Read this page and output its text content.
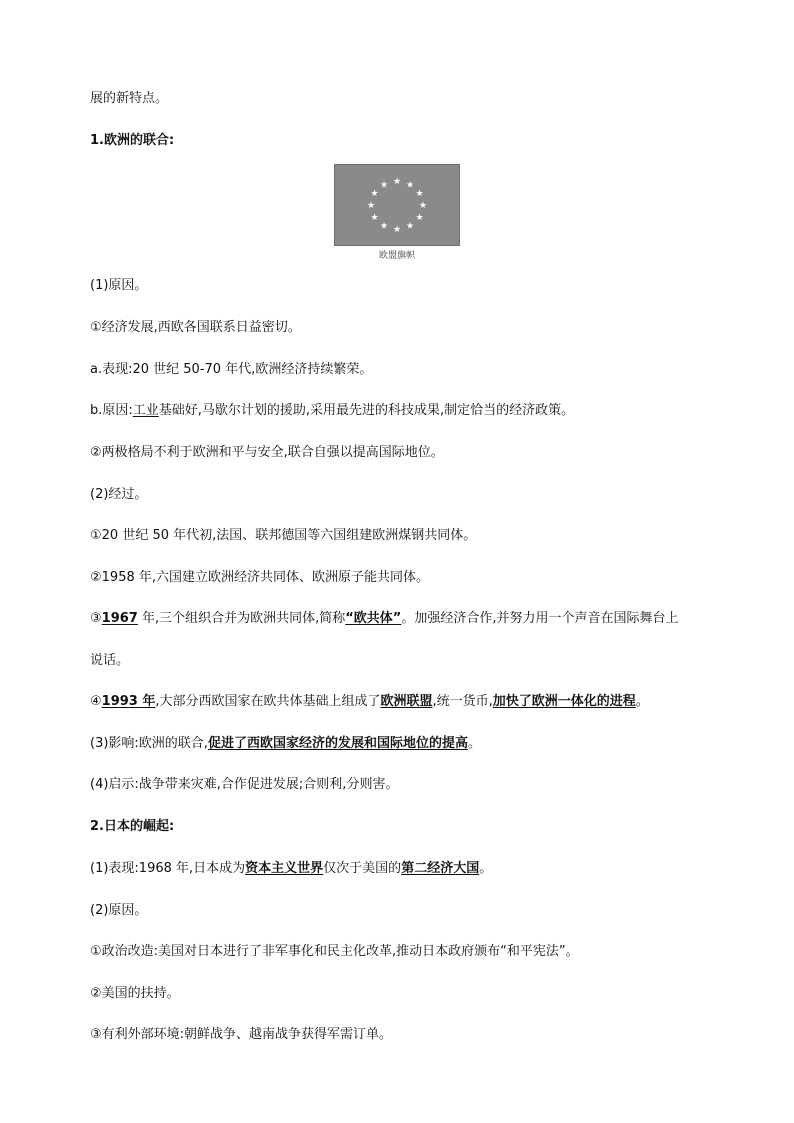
展的新特点。
1.欧洲的联合:
★ ★
★
★
★
★
★
★
★
★
★
★
欧盟旗帜
(1)原因。
①经济发展,西欧各国联系日益密切。
a.表现:20 世纪 50-70 年代,欧洲经济持续繁荣。
b.原因:工业基础好,马歇尔计划的援助,采用最先进的科技成果,制定恰当的经济政策。
②两极格局不利于欧洲和平与安全,联合自强以提高国际地位。
(2)经过。
①20 世纪 50 年代初,法国、联邦德国等六国组建欧洲煤钢共同体。
②1958 年,六国建立欧洲经济共同体、欧洲原子能共同体。
③1967 年,三个组织合并为欧洲共同体,简称“欧共体”。加强经济合作,并努力用一个声音在国际舞台上
说话。
④1993 年,大部分西欧国家在欧共体基础上组成了欧洲联盟,统一货币,加快了欧洲一体化的进程。
(3)影响:欧洲的联合,促进了西欧国家经济的发展和国际地位的提高。
(4)启示:战争带来灾难,合作促进发展;合则利,分则害。
2.日本的崛起:
(1)表现:1968 年,日本成为资本主义世界仅次于美国的第二经济大国。
(2)原因。
①政治改造:美国对日本进行了非军事化和民主化改革,推动日本政府颁布“和平宪法”。
②美国的扶持。
③有利外部环境:朝鲜战争、越南战争获得军需订单。
